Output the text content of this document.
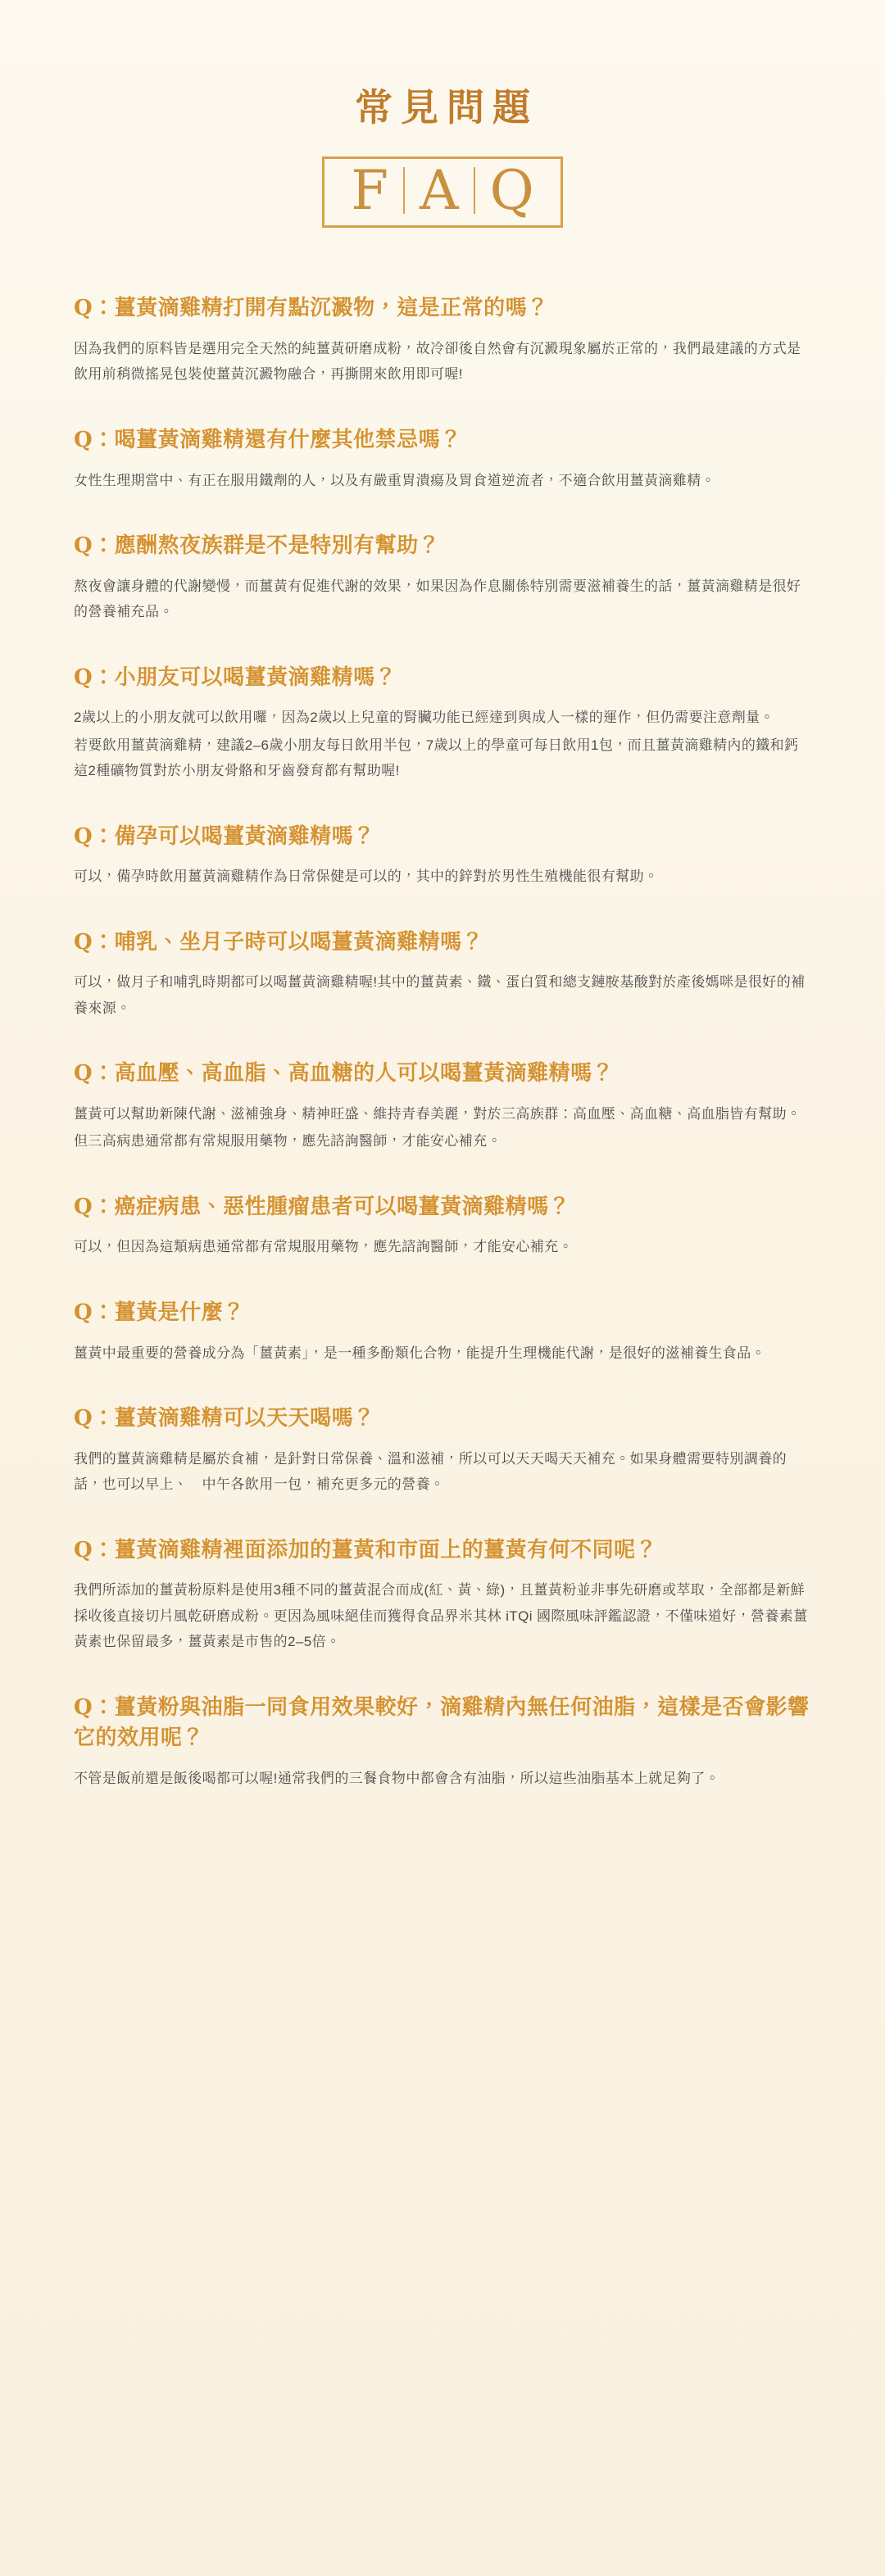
常見問題
F A Q
Q：薑黃滴雞精打開有點沉澱物，這是正常的嗎？

因為我們的原料皆是選用完全天然的純薑黃研磨成粉，故冷卻後自然會有沉澱現象屬於正常的，我們最建議的方式是飲用前稍微搖晃包裝使薑黃沉澱物融合，再撕開來飲用即可喔!

Q：喝薑黃滴雞精還有什麼其他禁忌嗎？

女性生理期當中、有正在服用鐵劑的人，以及有嚴重胃潰瘍及胃食道逆流者，不適合飲用薑黃滴雞精。

Q：應酬熬夜族群是不是特別有幫助？

熬夜會讓身體的代謝變慢，而薑黃有促進代謝的效果，如果因為作息關係特別需要滋補養生的話，薑黃滴雞精是很好的營養補充品。

Q：小朋友可以喝薑黃滴雞精嗎？

2歲以上的小朋友就可以飲用囉，因為2歲以上兒童的腎臟功能已經達到與成人一樣的運作，但仍需要注意劑量。

若要飲用薑黃滴雞精，建議2–6歲小朋友每日飲用半包，7歲以上的學童可每日飲用1包，而且薑黃滴雞精內的鐵和鈣這2種礦物質對於小朋友骨骼和牙齒發育都有幫助喔!

Q：備孕可以喝薑黃滴雞精嗎？

可以，備孕時飲用薑黃滴雞精作為日常保健是可以的，其中的鋅對於男性生殖機能很有幫助。

Q：哺乳、坐月子時可以喝薑黃滴雞精嗎？

可以，做月子和哺乳時期都可以喝薑黃滴雞精喔!其中的薑黃素、鐵、蛋白質和總支鏈胺基酸對於產後媽咪是很好的補養來源。

Q：高血壓、高血脂、高血糖的人可以喝薑黃滴雞精嗎？

薑黃可以幫助新陳代謝、滋補強身、精神旺盛、維持青春美麗，對於三高族群：高血壓、高血糖、高血脂皆有幫助。

但三高病患通常都有常規服用藥物，應先諮詢醫師，才能安心補充。

Q：癌症病患、惡性腫瘤患者可以喝薑黃滴雞精嗎？

可以，但因為這類病患通常都有常規服用藥物，應先諮詢醫師，才能安心補充。

Q：薑黃是什麼？

薑黃中最重要的營養成分為「薑黃素」，是一種多酚類化合物，能提升生理機能代謝，是很好的滋補養生食品。

Q：薑黃滴雞精可以天天喝嗎？

我們的薑黃滴雞精是屬於食補，是針對日常保養、溫和滋補，所以可以天天喝天天補充。如果身體需要特別調養的話，也可以早上、　中午各飲用一包，補充更多元的營養。

Q：薑黃滴雞精裡面添加的薑黃和市面上的薑黃有何不同呢？

我們所添加的薑黃粉原料是使用3種不同的薑黃混合而成(紅、黃、綠)，且薑黃粉並非事先研磨或萃取，全部都是新鮮採收後直接切片風乾研磨成粉。更因為風味絕佳而獲得食品界米其林 iTQi 國際風味評鑑認證，不僅味道好，營養素薑黃素也保留最多，薑黃素是市售的2–5倍。

Q：薑黃粉與油脂一同食用效果較好，滴雞精內無任何油脂，這樣是否會影響它的效用呢？

不管是飯前還是飯後喝都可以喔!通常我們的三餐食物中都會含有油脂，所以這些油脂基本上就足夠了。
